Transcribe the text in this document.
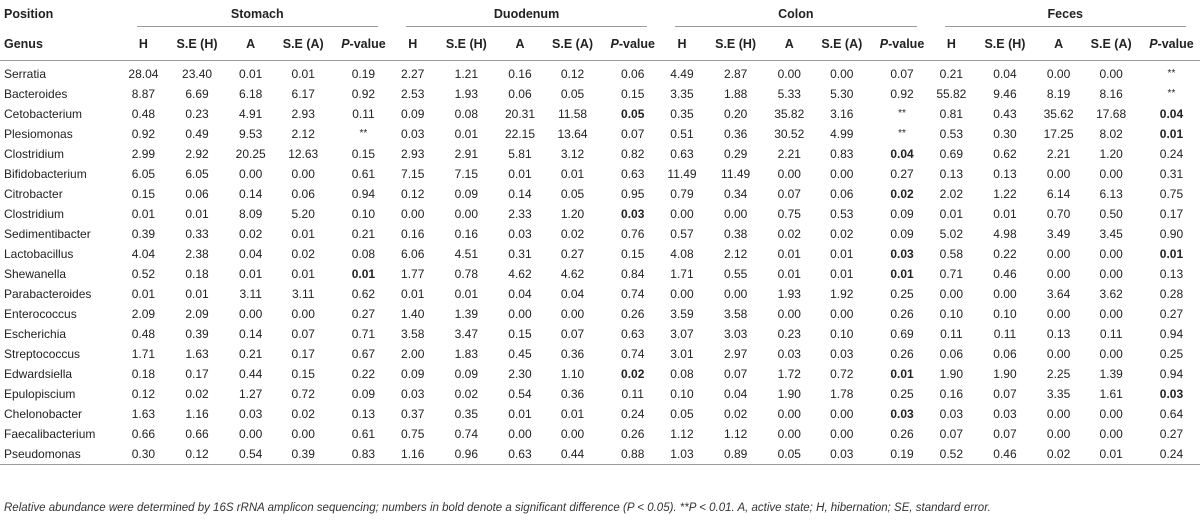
Position	Stomach					Duodenum					Colon					Feces				

Genus	H	S.E (H)	A	S.E (A)	P-value	H	S.E (H)	A	S.E (A)	P-value	H	S.E (H)	A	S.E (A)	P-value	H	S.E (H)	A	S.E (A)	P-value
Serratia	28.04	23.40	0.01	0.01	0.19	2.27	1.21	0.16	0.12	0.06	4.49	2.87	0.00	0.00	0.07	0.21	0.04	0.00	0.00	**
Bacteroides	8.87	6.69	6.18	6.17	0.92	2.53	1.93	0.06	0.05	0.15	3.35	1.88	5.33	5.30	0.92	55.82	9.46	8.19	8.16	**
Cetobacterium	0.48	0.23	4.91	2.93	0.11	0.09	0.08	20.31	11.58	0.05	0.35	0.20	35.82	3.16	**	0.81	0.43	35.62	17.68	0.04
Plesiomonas	0.92	0.49	9.53	2.12	**	0.03	0.01	22.15	13.64	0.07	0.51	0.36	30.52	4.99	**	0.53	0.30	17.25	8.02	0.01
Clostridium	2.99	2.92	20.25	12.63	0.15	2.93	2.91	5.81	3.12	0.82	0.63	0.29	2.21	0.83	0.04	0.69	0.62	2.21	1.20	0.24
Bifidobacterium	6.05	6.05	0.00	0.00	0.61	7.15	7.15	0.01	0.01	0.63	11.49	11.49	0.00	0.00	0.27	0.13	0.13	0.00	0.00	0.31
Citrobacter	0.15	0.06	0.14	0.06	0.94	0.12	0.09	0.14	0.05	0.95	0.79	0.34	0.07	0.06	0.02	2.02	1.22	6.14	6.13	0.75
Clostridium	0.01	0.01	8.09	5.20	0.10	0.00	0.00	2.33	1.20	0.03	0.00	0.00	0.75	0.53	0.09	0.01	0.01	0.70	0.50	0.17
Sedimentibacter	0.39	0.33	0.02	0.01	0.21	0.16	0.16	0.03	0.02	0.76	0.57	0.38	0.02	0.02	0.09	5.02	4.98	3.49	3.45	0.90
Lactobacillus	4.04	2.38	0.04	0.02	0.08	6.06	4.51	0.31	0.27	0.15	4.08	2.12	0.01	0.01	0.03	0.58	0.22	0.00	0.00	0.01
Shewanella	0.52	0.18	0.01	0.01	0.01	1.77	0.78	4.62	4.62	0.84	1.71	0.55	0.01	0.01	0.01	0.71	0.46	0.00	0.00	0.13
Parabacteroides	0.01	0.01	3.11	3.11	0.62	0.01	0.01	0.04	0.04	0.74	0.00	0.00	1.93	1.92	0.25	0.00	0.00	3.64	3.62	0.28
Enterococcus	2.09	2.09	0.00	0.00	0.27	1.40	1.39	0.00	0.00	0.26	3.59	3.58	0.00	0.00	0.26	0.10	0.10	0.00	0.00	0.27
Escherichia	0.48	0.39	0.14	0.07	0.71	3.58	3.47	0.15	0.07	0.63	3.07	3.03	0.23	0.10	0.69	0.11	0.11	0.13	0.11	0.94
Streptococcus	1.71	1.63	0.21	0.17	0.67	2.00	1.83	0.45	0.36	0.74	3.01	2.97	0.03	0.03	0.26	0.06	0.06	0.00	0.00	0.25
Edwardsiella	0.18	0.17	0.44	0.15	0.22	0.09	0.09	2.30	1.10	0.02	0.08	0.07	1.72	0.72	0.01	1.90	1.90	2.25	1.39	0.94
Epulopiscium	0.12	0.02	1.27	0.72	0.09	0.03	0.02	0.54	0.36	0.11	0.10	0.04	1.90	1.78	0.25	0.16	0.07	3.35	1.61	0.03
Chelonobacter	1.63	1.16	0.03	0.02	0.13	0.37	0.35	0.01	0.01	0.24	0.05	0.02	0.00	0.00	0.03	0.03	0.03	0.00	0.00	0.64
Faecalibacterium	0.66	0.66	0.00	0.00	0.61	0.75	0.74	0.00	0.00	0.26	1.12	1.12	0.00	0.00	0.26	0.07	0.07	0.00	0.00	0.27
Pseudomonas	0.30	0.12	0.54	0.39	0.83	1.16	0.96	0.63	0.44	0.88	1.03	0.89	0.05	0.03	0.19	0.52	0.46	0.02	0.01	0.24
Relative abundance were determined by 16S rRNA amplicon sequencing; numbers in bold denote a significant difference (P < 0.05). **P < 0.01. A, active state; H, hibernation; SE, standard error.
